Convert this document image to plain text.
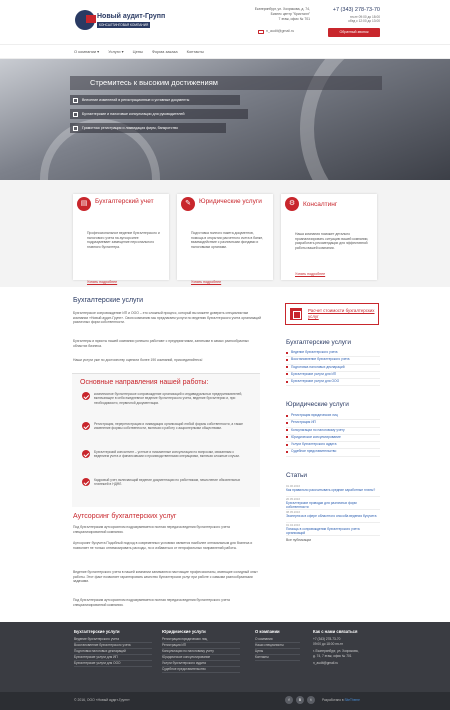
Новый аудит-Групп
КОНСАЛТИНГОВАЯ КОМПАНИЯ
Екатеринбург, ул. Хохрякова, д. 74,
Бизнес центр "Кристалл"
7 этаж, офис № 701
n_audit@gmail.ru
+7 (343) 278-73-70
пн-пт 09:00 до 18:00
обед с 12:00 до 13:00
Обратный звонок
О компании ▾ Услуги ▾ Цены Форма заказа Контакты
Стремитесь к высоким достижениям
Внесение изменений в регистрационные и уставные документы
Бухгалтерские и налоговые консультации для руководителей
Грамотная регистрация и ликвидация фирм, банкротство
▤	Бухгалтерский учет
Профессиональное ведение бухгалтерского и налогового учета на аутсорсинге подразумевает замещение персонального главного бухгалтера.
Узнать подробнее
✎	Юридические услуги
Подготовка полного пакета документов, помощь в открытии расчетного счета в банке, взаимодействие с различными фондами и налоговыми органами.
Узнать подробнее
⚙	Консалтинг
Наша компания поможет детально проанализировать ситуацию вашей компании, разработать рекомендации для эффективной работы вашей компании.
Узнать подробнее
Бухгалтерские услуги
Бухгалтерское сопровождение ИП и ООО – это сложный процесс, который вы можете доверить специалистам компании «Новый аудит-Групп». Свою компанию мы предлагаем услуги по ведению бухгалтерского учета организаций различных форм собственности.
Бухгалтеры и юристы нашей компании успешно работают с предприятиями, занятыми в самых разнообразных областях бизнеса.
Наши услуги уже по достоинству оценили более 190 компаний, присоединяйтесь!
Основные направления нашей работы:
комплексное бухгалтерское сопровождение организаций и индивидуальных предпринимателей, включающее в себя ежедневное ведение бухгалтерского учета, ведение бухгалтерии и, при необходимости, первичной документации.
Регистрация, перерегистрация и ликвидация организаций любой формы собственности, а также изменение формы собственности, включая и работу с акционерными обществами.
Бухгалтерский консалтинг – устные и письменные консультации по вопросам, связанным с ведением учета и финансовыми и производственными операциями, включая сложные случаи.
Кадровый учет, включающий ведение документации по работникам, начисление обязательных платежей в НДФЛ.
Аутсорсинг бухгалтерских услуг
Под бухгалтерским аутсорсингом подразумевается полная передача ведения бухгалтерского учета специализированной компании.
Аутсорсинг бухучета Подобный подход в современных условиях является наиболее оптимальным для бизнеса и позволяет не только оптимизировать расходы, но и избавиться от непрофильных направлений работы.
Ведение бухгалтерского учета в нашей компании занимаются настоящие профессионалы, имеющие солидный опыт работы. Этот факт позволяет гарантировать качество бухгалтерских услуг при работе с самыми разнообразными задачами.
Под бухгалтерским аутсорсингом подразумевается полная передача ведения бухгалтерского учета специализированной компании.
Расчет стоимости бухгалтерских услуг
Бухгалтерские услуги
Ведение бухгалтерского учета
Восстановление бухгалтерского учета
Подготовка налоговых деклараций
Бухгалтерские услуги для ИП
Бухгалтерские услуги для ООО
Юридические услуги
Регистрация юридических лиц
Регистрация ИП
Консультации по налоговому учету
Юридическое консультирование
Услуги бухгалтерского аудита
Судебное представительство
Статьи
01.06.2016
Как правильно рассчитывать средние заработные платы?
20.05.2016
Бухгалтерские проводки для различных форм собственности
08.05.2016
Экспертиза в сфере областного способа ведения бухучета
01.04.2016
Помощь в сопровождении бухгалтерского учета организаций
Все публикации
Бухгалтерские услуги
Ведение бухгалтерского учета
Восстановление бухгалтерского учета
Подготовка налоговых деклараций
Бухгалтерские услуги для ИП
Бухгалтерские услуги для ООО
Юридические услуги
Регистрация юридических лиц
Регистрация ИП
Консультации по налоговому учету
Юридическое консультирование
Услуги бухгалтерского аудита
Судебное представительство
О компании
О компании
Наши специалисты
Цены
Контакты
Как с нами связаться
+7 (343) 278-73-70
09:00 до 18:00 пн-пт
г. Екатеринбург, ул. Хохрякова,
д. 74, 7 этаж, офис № 701
n_audit@gmail.ru
© 2016, ООО «Новый аудит-Групп»	f	В	t	Разработано в SiteTheme
